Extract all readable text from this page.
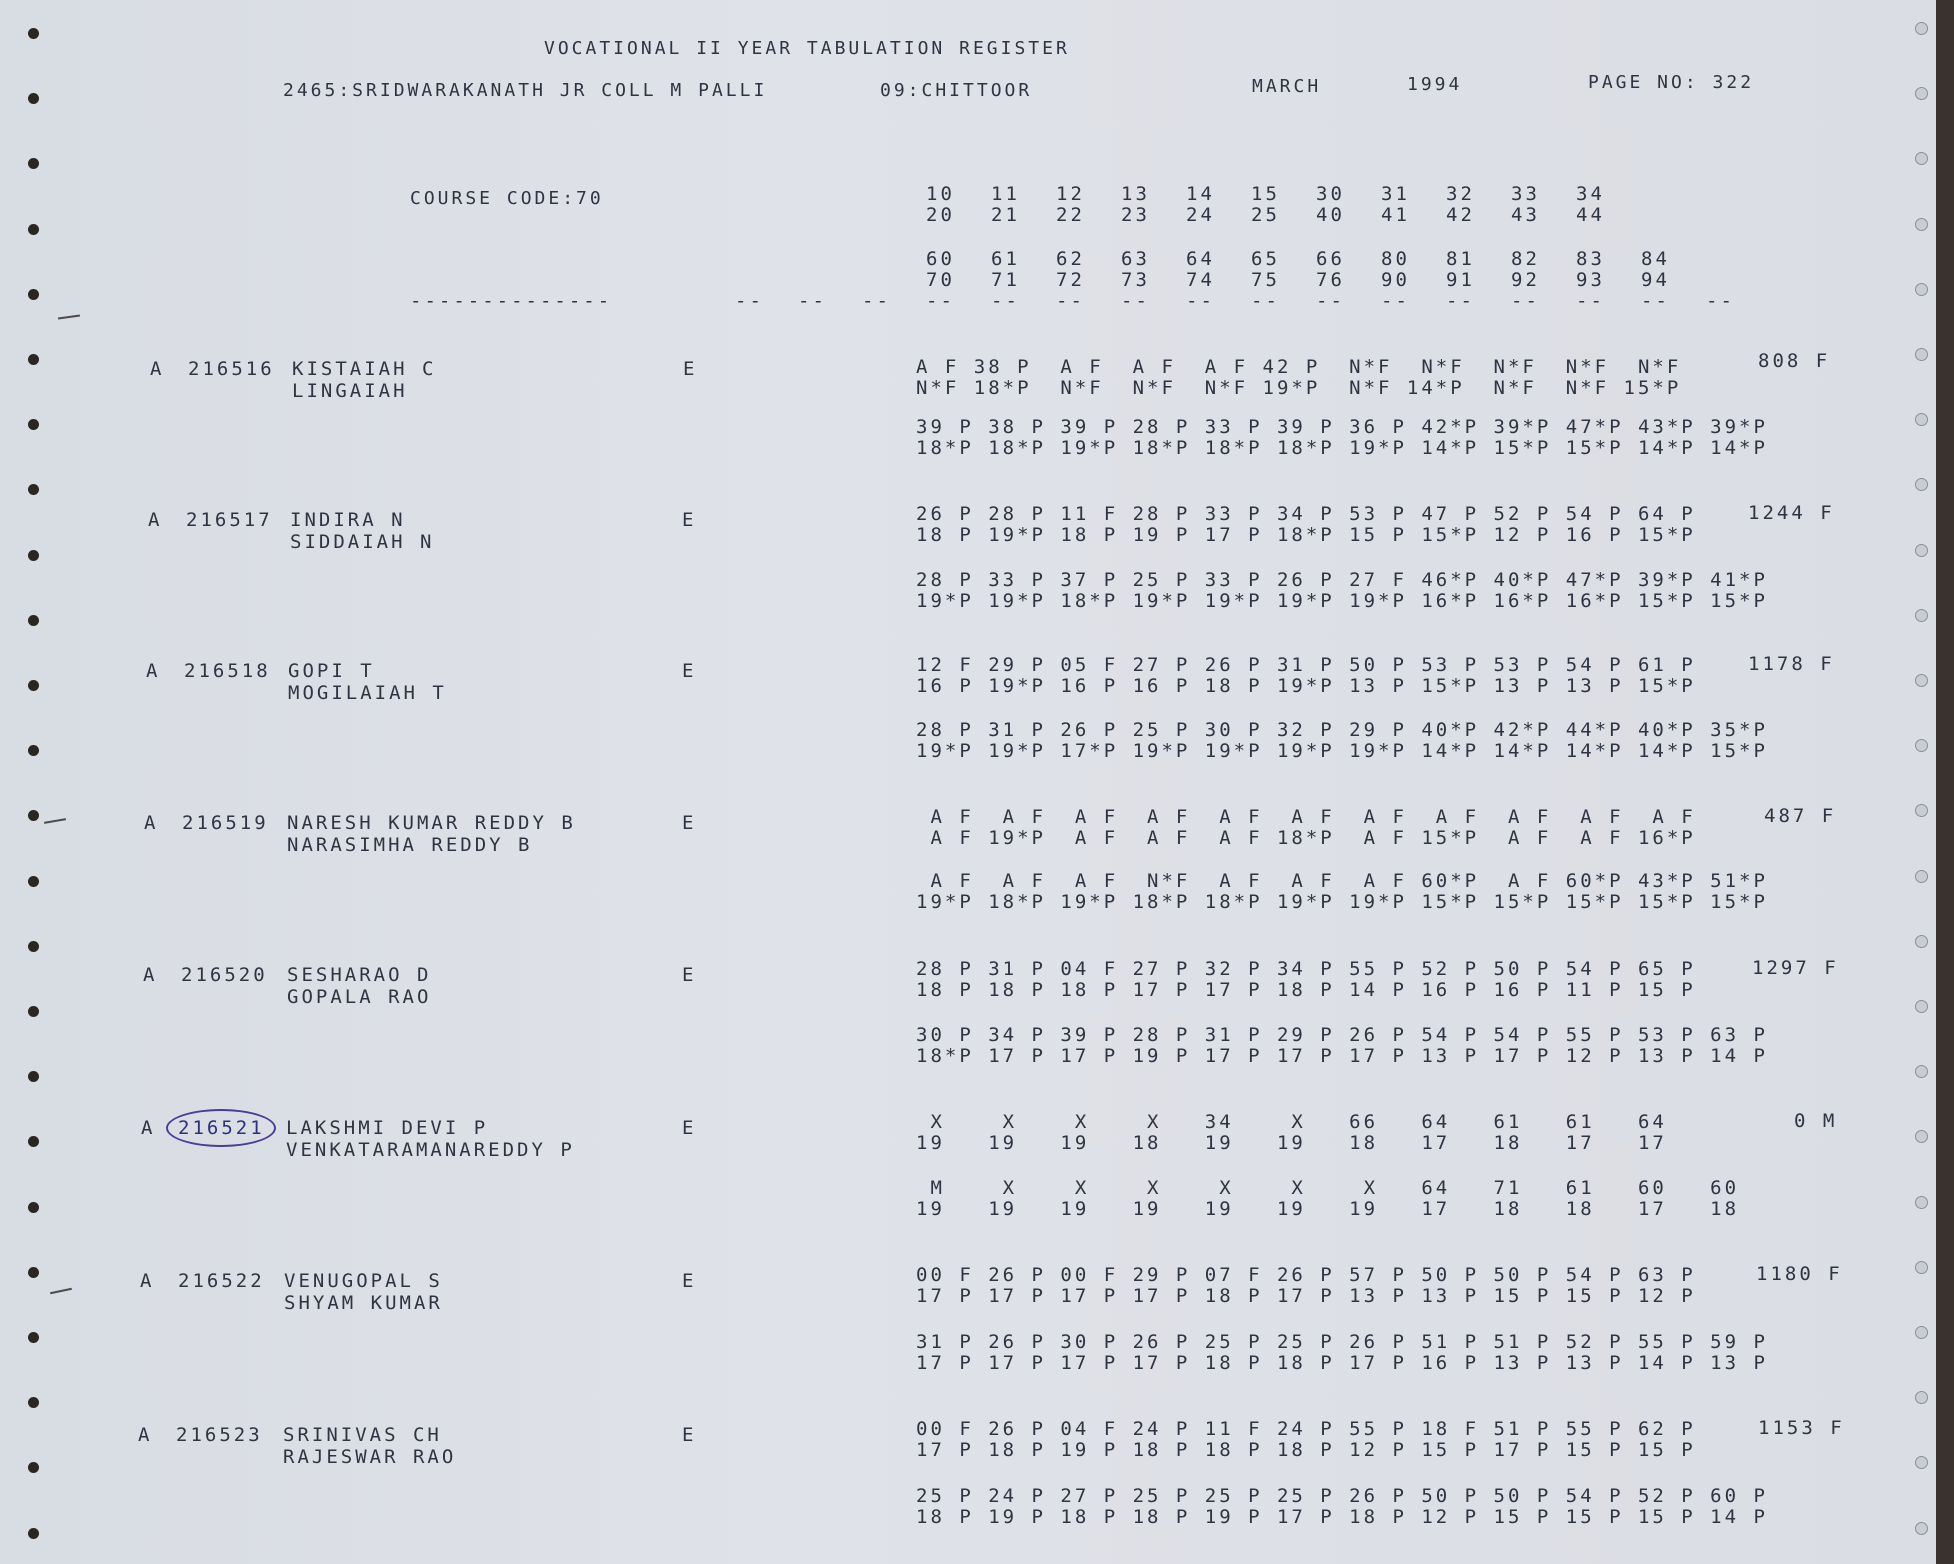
VOCATIONAL II YEAR TABULATION REGISTER
2465:SRIDWARAKANATH JR COLL M PALLI	09:CHITTOOR	MARCH	1994	PAGE NO: 322
COURSE CODE:70
--------------	-- -- --
10	11	12	13	14	15	30	31	32	33	34
20	21	22	23	24	25	40	41	42	43	44
60	61	62	63	64	65	66	80	81	82	83	84
70	71	72	73	74	75	76	90	91	92	93	94
--	--	--	--	--	--	--	--	--	--	--	--	--
A 216516 KISTAIAH C
LINGAIAH
E	A F 38 P  A F  A F  A F 42 P  N*F  N*F  N*F  N*F  N*F
N*F 18*P  N*F  N*F  N*F 19*P  N*F 14*P  N*F  N*F 15*P
39 P 38 P 39 P 28 P 33 P 39 P 36 P 42*P 39*P 47*P 43*P 39*P
18*P 18*P 19*P 18*P 18*P 18*P 19*P 14*P 15*P 15*P 14*P 14*P
808 F
A 216517 INDIRA N
SIDDAIAH N
E	26 P 28 P 11 F 28 P 33 P 34 P 53 P 47 P 52 P 54 P 64 P
18 P 19*P 18 P 19 P 17 P 18*P 15 P 15*P 12 P 16 P 15*P
28 P 33 P 37 P 25 P 33 P 26 P 27 F 46*P 40*P 47*P 39*P 41*P
19*P 19*P 18*P 19*P 19*P 19*P 19*P 16*P 16*P 16*P 15*P 15*P
1244 F
A 216518 GOPI T
MOGILAIAH T
E	12 F 29 P 05 F 27 P 26 P 31 P 50 P 53 P 53 P 54 P 61 P
16 P 19*P 16 P 16 P 18 P 19*P 13 P 15*P 13 P 13 P 15*P
28 P 31 P 26 P 25 P 30 P 32 P 29 P 40*P 42*P 44*P 40*P 35*P
19*P 19*P 17*P 19*P 19*P 19*P 19*P 14*P 14*P 14*P 14*P 15*P
1178 F
A 216519 NARESH KUMAR REDDY B
NARASIMHA REDDY B
E	A F  A F  A F  A F  A F  A F  A F  A F  A F  A F  A F
A F 19*P  A F  A F  A F 18*P  A F 15*P  A F  A F 16*P
A F  A F  A F  N*F  A F  A F  A F 60*P  A F 60*P 43*P 51*P
19*P 18*P 19*P 18*P 18*P 19*P 19*P 15*P 15*P 15*P 15*P 15*P
487 F
A 216520 SESHARAO D
GOPALA RAO
E	28 P 31 P 04 F 27 P 32 P 34 P 55 P 52 P 50 P 54 P 65 P
18 P 18 P 18 P 17 P 17 P 18 P 14 P 16 P 16 P 11 P 15 P
30 P 34 P 39 P 28 P 31 P 29 P 26 P 54 P 54 P 55 P 53 P 63 P
18*P 17 P 17 P 19 P 17 P 17 P 17 P 13 P 17 P 12 P 13 P 14 P
1297 F
A 216521 LAKSHMI DEVI P
VENKATARAMANAREDDY P
E	X    X    X    X   34    X   66   64   61   61   64
19   19   19   18   19   19   18   17   18   17   17
M    X    X    X    X    X    X   64   71   61   60   60
19   19   19   19   19   19   19   17   18   18   17   18
0 M
A 216522 VENUGOPAL S
SHYAM KUMAR
E	00 F 26 P 00 F 29 P 07 F 26 P 57 P 50 P 50 P 54 P 63 P
17 P 17 P 17 P 17 P 18 P 17 P 13 P 13 P 15 P 15 P 12 P
31 P 26 P 30 P 26 P 25 P 25 P 26 P 51 P 51 P 52 P 55 P 59 P
17 P 17 P 17 P 17 P 18 P 18 P 17 P 16 P 13 P 13 P 14 P 13 P
1180 F
A 216523 SRINIVAS CH
RAJESWAR RAO
E	00 F 26 P 04 F 24 P 11 F 24 P 55 P 18 F 51 P 55 P 62 P
17 P 18 P 19 P 18 P 18 P 18 P 12 P 15 P 17 P 15 P 15 P
25 P 24 P 27 P 25 P 25 P 25 P 26 P 50 P 50 P 54 P 52 P 60 P
18 P 19 P 18 P 18 P 19 P 17 P 18 P 12 P 15 P 15 P 15 P 14 P
1153 F
